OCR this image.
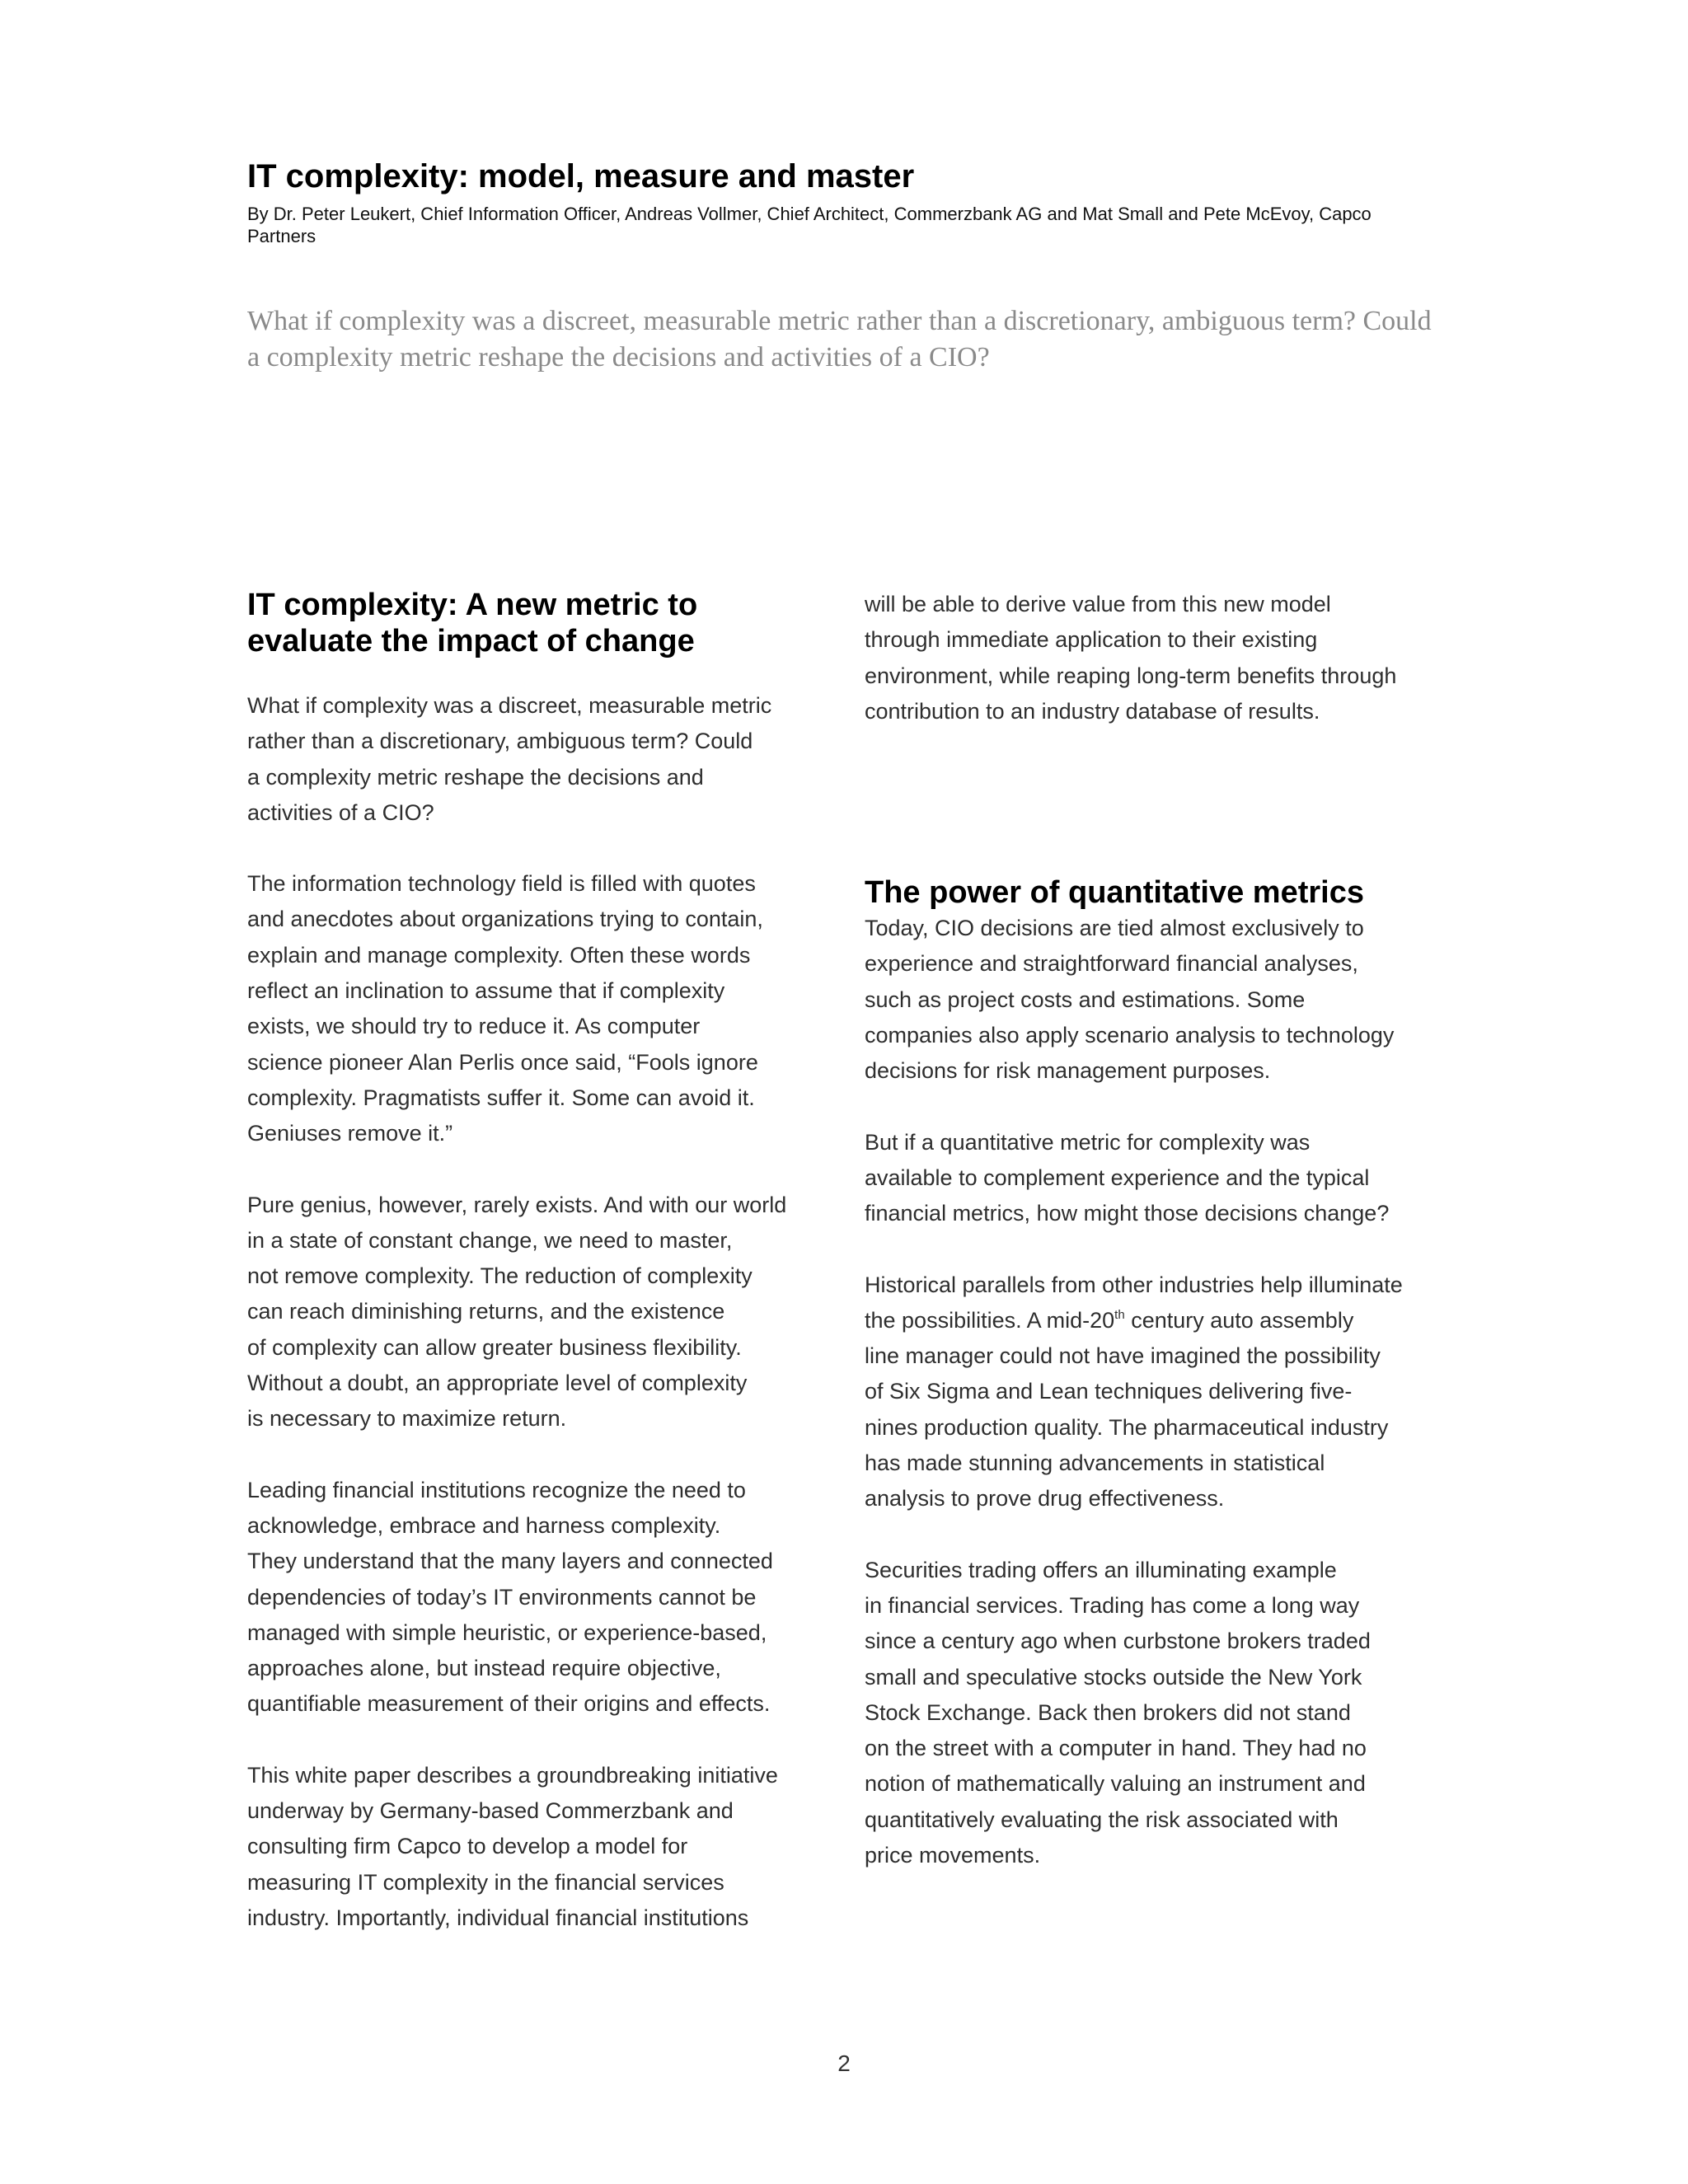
IT complexity: model, measure and master

By Dr. Peter Leukert, Chief Information Officer, Andreas Vollmer, Chief Architect, Commerzbank AG and Mat Small and Pete McEvoy, Capco Partners

What if complexity was a discreet, measurable metric rather than a discretionary, ambiguous term? Could a complexity metric reshape the decisions and activities of a CIO?

IT complexity: A new metric to evaluate the impact of change

What if complexity was a discreet, measurable metric
rather than a discretionary, ambiguous term? Could
a complexity metric reshape the decisions and
activities of a CIO?

The information technology field is filled with quotes
and anecdotes about organizations trying to contain,
explain and manage complexity. Often these words
reflect an inclination to assume that if complexity
exists, we should try to reduce it. As computer
science pioneer Alan Perlis once said, “Fools ignore
complexity. Pragmatists suffer it. Some can avoid it.
Geniuses remove it.”

Pure genius, however, rarely exists. And with our world
in a state of constant change, we need to master,
not remove complexity. The reduction of complexity
can reach diminishing returns, and the existence
of complexity can allow greater business flexibility.
Without a doubt, an appropriate level of complexity
is necessary to maximize return.

Leading financial institutions recognize the need to
acknowledge, embrace and harness complexity.
They understand that the many layers and connected
dependencies of today’s IT environments cannot be
managed with simple heuristic, or experience-based,
approaches alone, but instead require objective,
quantifiable measurement of their origins and effects.

This white paper describes a groundbreaking initiative
underway by Germany-based Commerzbank and
consulting firm Capco to develop a model for
measuring IT complexity in the financial services
industry. Importantly, individual financial institutions

will be able to derive value from this new model
through immediate application to their existing
environment, while reaping long-term benefits through
contribution to an industry database of results.

The power of quantitative metrics

Today, CIO decisions are tied almost exclusively to
experience and straightforward financial analyses,
such as project costs and estimations. Some
companies also apply scenario analysis to technology
decisions for risk management purposes.

But if a quantitative metric for complexity was
available to complement experience and the typical
financial metrics, how might those decisions change?

Historical parallels from other industries help illuminate
the possibilities. A mid-20th century auto assembly
line manager could not have imagined the possibility
of Six Sigma and Lean techniques delivering five-
nines production quality. The pharmaceutical industry
has made stunning advancements in statistical
analysis to prove drug effectiveness.

Securities trading offers an illuminating example
in financial services. Trading has come a long way
since a century ago when curbstone brokers traded
small and speculative stocks outside the New York
Stock Exchange. Back then brokers did not stand
on the street with a computer in hand. They had no
notion of mathematically valuing an instrument and
quantitatively evaluating the risk associated with
price movements.

2
